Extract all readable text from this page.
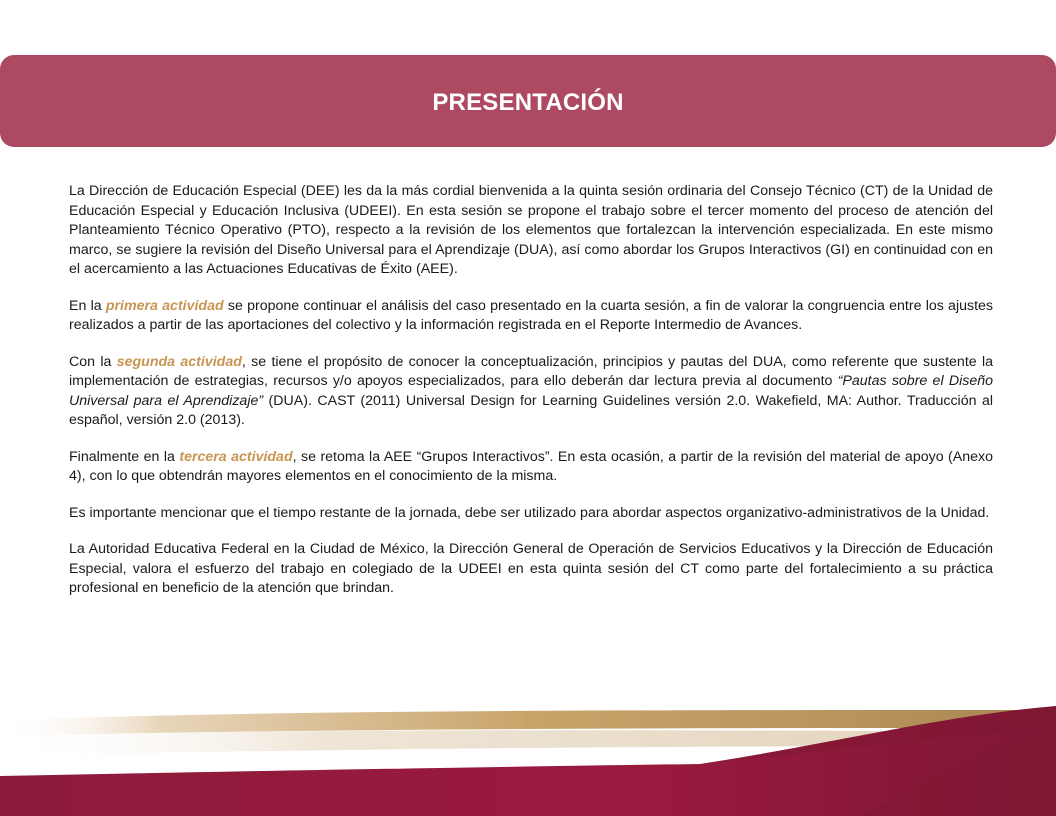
PRESENTACIÓN

La Dirección de Educación Especial (DEE) les da la más cordial bienvenida a la quinta sesión ordinaria del Consejo Técnico (CT) de la Unidad de Educación Especial y Educación Inclusiva (UDEEI). En esta sesión se propone el trabajo sobre el tercer momento del proceso de atención del Planteamiento Técnico Operativo (PTO), respecto a la revisión de los elementos que fortalezcan la intervención especializada. En este mismo marco, se sugiere la revisión del Diseño Universal para el Aprendizaje (DUA), así como abordar los Grupos Interactivos (GI) en continuidad con en el acercamiento a las Actuaciones Educativas de Éxito (AEE).

En la primera actividad se propone continuar el análisis del caso presentado en la cuarta sesión, a fin de valorar la congruencia entre los ajustes realizados a partir de las aportaciones del colectivo y la información registrada en el Reporte Intermedio de Avances.

Con la segunda actividad, se tiene el propósito de conocer la conceptualización, principios y pautas del DUA, como referente que sustente la implementación de estrategias, recursos y/o apoyos especializados, para ello deberán dar lectura previa al documento “Pautas sobre el Diseño Universal para el Aprendizaje” (DUA). CAST (2011) Universal Design for Learning Guidelines versión 2.0. Wakefield, MA: Author. Traducción al español, versión 2.0 (2013).

Finalmente en la tercera actividad, se retoma la AEE “Grupos Interactivos”. En esta ocasión, a partir de la revisión del material de apoyo (Anexo 4), con lo que obtendrán mayores elementos en el conocimiento de la misma.

Es importante mencionar que el tiempo restante de la jornada, debe ser utilizado para abordar aspectos organizativo-administrativos de la Unidad.

La Autoridad Educativa Federal en la Ciudad de México, la Dirección General de Operación de Servicios Educativos y la Dirección de Educación Especial, valora el esfuerzo del trabajo en colegiado de la UDEEI en esta quinta sesión del CT como parte del fortalecimiento a su práctica profesional en beneficio de la atención que brindan.
